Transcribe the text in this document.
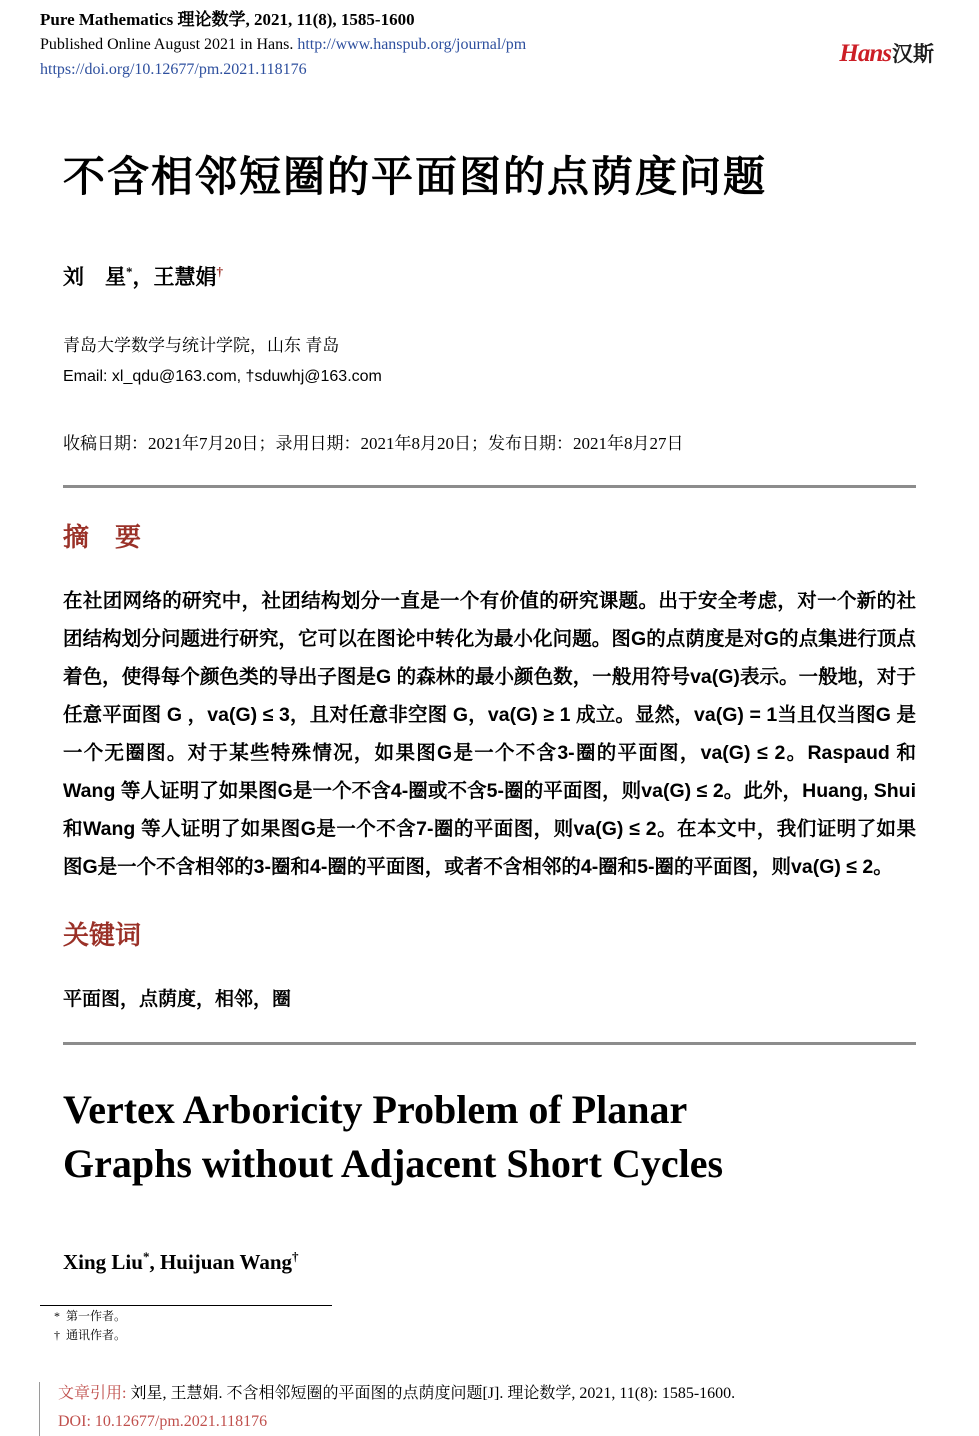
Pure Mathematics 理论数学, 2021, 11(8), 1585-1600
Published Online August 2021 in Hans. http://www.hanspub.org/journal/pm
https://doi.org/10.12677/pm.2021.118176
Hans汉斯
不含相邻短圈的平面图的点荫度问题
刘　星*，王慧娟†
青岛大学数学与统计学院，山东 青岛
Email: xl_qdu@163.com, †sduwhj@163.com
收稿日期：2021年7月20日；录用日期：2021年8月20日；发布日期：2021年8月27日
摘　要

在社团网络的研究中，社团结构划分一直是一个有价值的研究课题。出于安全考虑，对一个新的社团结构划分问题进行研究，它可以在图论中转化为最小化问题。图G的点荫度是对G的点集进行顶点着色，使得每个颜色类的导出子图是G 的森林的最小颜色数，一般用符号va(G)表示。一般地，对于任意平面图 G ，va(G) ≤ 3，且对任意非空图 G，va(G) ≥ 1 成立。显然，va(G) = 1当且仅当图G 是一个无圈图。对于某些特殊情况，如果图G是一个不含3-圈的平面图，va(G) ≤ 2。Raspaud 和Wang 等人证明了如果图G是一个不含4-圈或不含5-圈的平面图，则va(G) ≤ 2。此外，Huang, Shui 和Wang 等人证明了如果图G是一个不含7-圈的平面图，则va(G) ≤ 2。在本文中，我们证明了如果图G是一个不含相邻的3-圈和4-圈的平面图，或者不含相邻的4-圈和5-圈的平面图，则va(G) ≤ 2。

关键词

平面图，点荫度，相邻，圈

Vertex Arboricity Problem of Planar
Graphs without Adjacent Short Cycles
Xing Liu*, Huijuan Wang†
* 第一作者。
† 通讯作者。

文章引用: 刘星, 王慧娟. 不含相邻短圈的平面图的点荫度问题[J]. 理论数学, 2021, 11(8): 1585-1600.

DOI: 10.12677/pm.2021.118176
